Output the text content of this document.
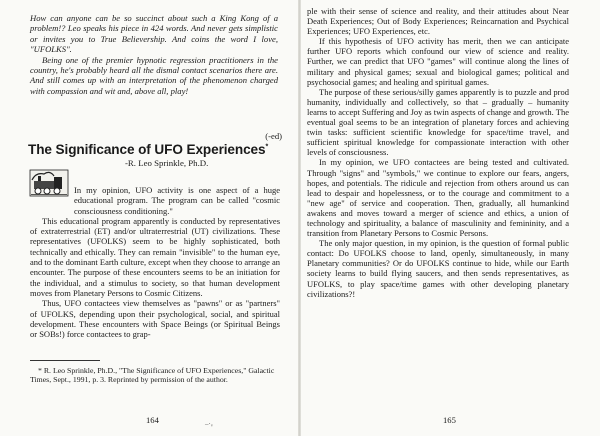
How can anyone can be so succinct about such a King Kong of a problem!? Leo speaks his piece in 424 words. And never gets simplistic or invites you to True Believership. And coins the word I love, "UFOLKS".

Being one of the premier hypnotic regression practitioners in the country, he's probably heard all the dismal contact scenarios there are. And still comes up with an interpretation of the phenomenon charged with compassion and wit and, above all, play!

(-ed)
The Significance of UFO Experiences*
-R. Leo Sprinkle, Ph.D.

In my opinion, UFO activity is one aspect of a huge educational program. The program can be called "cosmic consciousness conditioning."

This educational program apparently is conducted by representatives of extraterrestrial (ET) and/or ultraterrestrial (UT) civilizations. These representatives (UFOLKS) seem to be highly sophisticated, both technically and ethically. They can remain "invisible" to the human eye, and to the dominant Earth culture, except when they choose to arrange an encounter. The purpose of these encounters seems to be an initiation for the individual, and a stimulus to society, so that human development moves from Planetary Persons to Cosmic Citizens.

Thus, UFO contactees view themselves as "pawns" or as "partners" of UFOLKS, depending upon their psychological, social, and spiritual development. These encounters with Space Beings (or Spiritual Beings or SOBs!) force contactees to grap-

* R. Leo Sprinkle, Ph.D., "The Significance of UFO Experiences," Galactic Times, Sept., 1991, p. 3. Reprinted by permission of the author.

164	–·ᵥ

ple with their sense of science and reality, and their attitudes about Near Death Experiences; Out of Body Experiences; Reincarnation and Psychical Experiences; UFO Experiences, etc.

If this hypothesis of UFO activity has merit, then we can anticipate further UFO reports which confound our view of science and reality. Further, we can predict that UFO "games" will continue along the lines of military and physical games; sexual and biological games; political and psychosocial games; and healing and spiritual games.

The purpose of these serious/silly games apparently is to puzzle and prod humanity, individually and collectively, so that – gradually – humanity learns to accept Suffering and Joy as twin aspects of change and growth. The eventual goal seems to be an integration of planetary forces and achieving twin tasks: sufficient scientific knowledge for space/time travel, and sufficient spiritual knowledge for compassionate interaction with other levels of consciousness.

In my opinion, we UFO contactees are being tested and cultivated. Through "signs" and "symbols," we continue to explore our fears, angers, hopes, and potentials. The ridicule and rejection from others around us can lead to despair and hopelessness, or to the courage and commitment to a "new age" of service and cooperation. Then, gradually, all humankind awakens and moves toward a merger of science and ethics, a union of technology and spirituality, a balance of masculinity and femininity, and a transition from Planetary Persons to Cosmic Persons.

The only major question, in my opinion, is the question of formal public contact: Do UFOLKS choose to land, openly, simultaneously, in many Planetary communities? Or do UFOLKS continue to hide, while our Earth society learns to build flying saucers, and then sends representatives, as UFOLKS, to play space/time games with other developing planetary civilizations?!

165
